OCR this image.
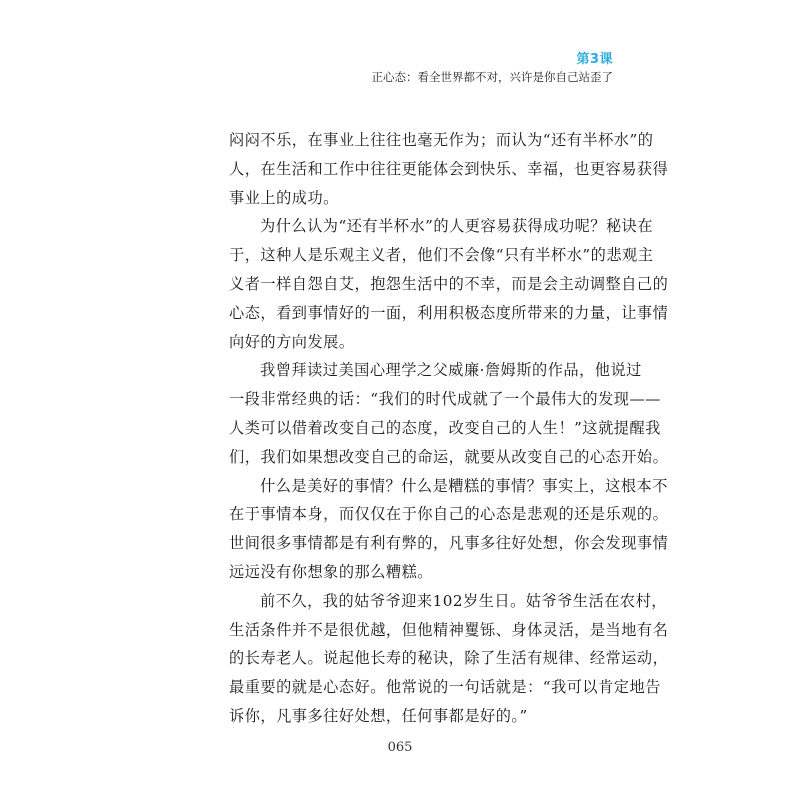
第3课
正心态：看全世界都不对，兴许是你自己站歪了
闷闷不乐，在事业上往往也毫无作为；而认为“还有半杯水”的
人，在生活和工作中往往更能体会到快乐、幸福，也更容易获得
事业上的成功。
为什么认为“还有半杯水”的人更容易获得成功呢？秘诀在
于，这种人是乐观主义者，他们不会像“只有半杯水”的悲观主
义者一样自怨自艾，抱怨生活中的不幸，而是会主动调整自己的
心态，看到事情好的一面，利用积极态度所带来的力量，让事情
向好的方向发展。
我曾拜读过美国心理学之父威廉·詹姆斯的作品，他说过
一段非常经典的话：“我们的时代成就了一个最伟大的发现——
人类可以借着改变自己的态度，改变自己的人生！”这就提醒我
们，我们如果想改变自己的命运，就要从改变自己的心态开始。
什么是美好的事情？什么是糟糕的事情？事实上，这根本不
在于事情本身，而仅仅在于你自己的心态是悲观的还是乐观的。
世间很多事情都是有利有弊的，凡事多往好处想，你会发现事情
远远没有你想象的那么糟糕。
前不久，我的姑爷爷迎来102岁生日。姑爷爷生活在农村，
生活条件并不是很优越，但他精神矍铄、身体灵活，是当地有名
的长寿老人。说起他长寿的秘诀，除了生活有规律、经常运动，
最重要的就是心态好。他常说的一句话就是：“我可以肯定地告
诉你，凡事多往好处想，任何事都是好的。”
065
